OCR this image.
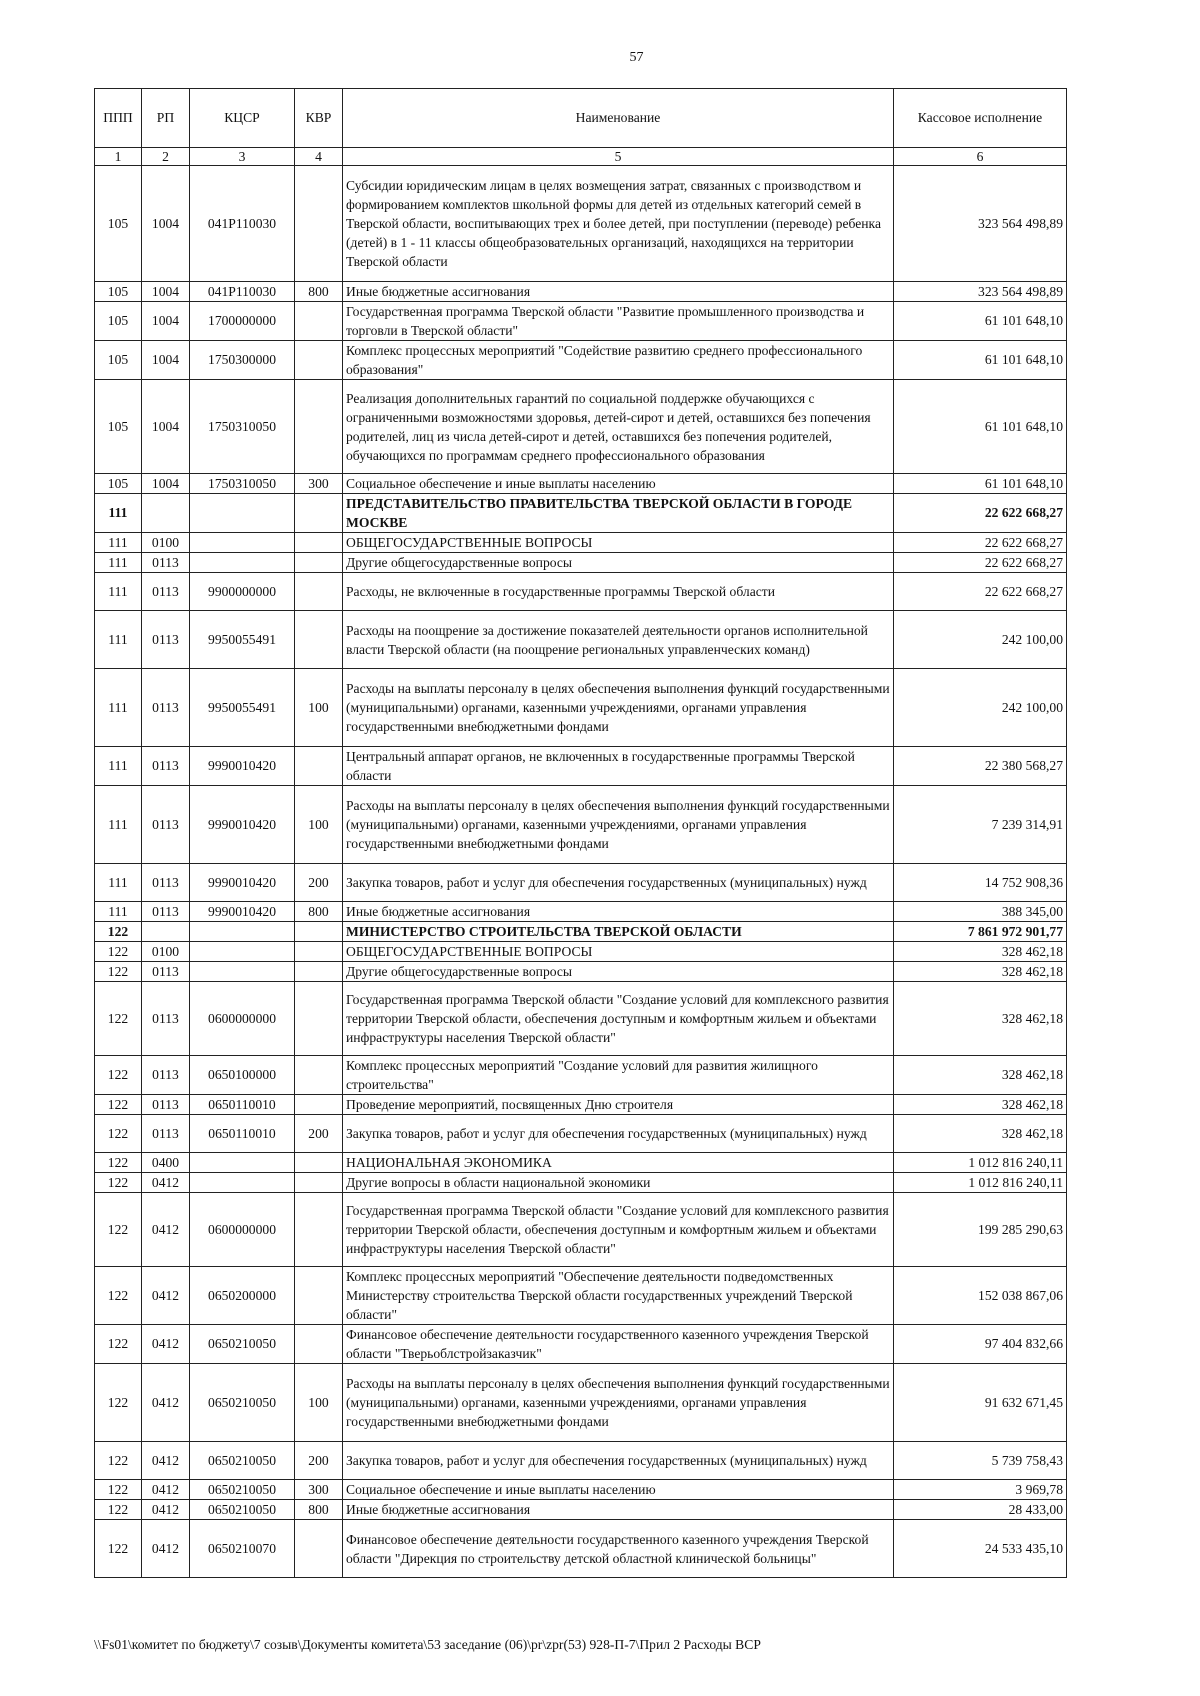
57
ППП	РП	КЦСР	КВР	Наименование	Кассовое исполнение
1	2	3	4	5	6
105	1004	041P110030		Субсидии юридическим лицам в целях возмещения затрат, связанных с производством и формированием комплектов школьной формы для детей из отдельных категорий семей в Тверской области, воспитывающих трех и более детей, при поступлении (переводе) ребенка (детей) в 1 - 11 классы общеобразовательных организаций, находящихся на территории Тверской области	323 564 498,89
105	1004	041P110030	800	Иные бюджетные ассигнования	323 564 498,89
105	1004	1700000000		Государственная программа Тверской области "Развитие промышленного производства и торговли в Тверской области"	61 101 648,10
105	1004	1750300000		Комплекс процессных мероприятий "Содействие развитию среднего профессионального образования"	61 101 648,10
105	1004	1750310050		Реализация дополнительных гарантий по социальной поддержке обучающихся с ограниченными возможностями здоровья, детей-сирот и детей, оставшихся без попечения родителей, лиц из числа детей-сирот и детей, оставшихся без попечения родителей, обучающихся по программам среднего профессионального образования	61 101 648,10
105	1004	1750310050	300	Социальное обеспечение и иные выплаты населению	61 101 648,10
111				ПРЕДСТАВИТЕЛЬСТВО ПРАВИТЕЛЬСТВА ТВЕРСКОЙ ОБЛАСТИ В ГОРОДЕ МОСКВЕ	22 622 668,27
111	0100			ОБЩЕГОСУДАРСТВЕННЫЕ ВОПРОСЫ	22 622 668,27
111	0113			Другие общегосударственные вопросы	22 622 668,27
111	0113	9900000000		Расходы, не включенные в государственные программы Тверской области	22 622 668,27
111	0113	9950055491		Расходы на поощрение за достижение показателей деятельности органов исполнительной власти Тверской области (на поощрение региональных управленческих команд)	242 100,00
111	0113	9950055491	100	Расходы на выплаты персоналу в целях обеспечения выполнения функций государственными (муниципальными) органами, казенными учреждениями, органами управления государственными внебюджетными фондами	242 100,00
111	0113	9990010420		Центральный аппарат органов, не включенных в государственные программы Тверской области	22 380 568,27
111	0113	9990010420	100	Расходы на выплаты персоналу в целях обеспечения выполнения функций государственными (муниципальными) органами, казенными учреждениями, органами управления государственными внебюджетными фондами	7 239 314,91
111	0113	9990010420	200	Закупка товаров, работ и услуг для обеспечения государственных (муниципальных) нужд	14 752 908,36
111	0113	9990010420	800	Иные бюджетные ассигнования	388 345,00
122				МИНИСТЕРСТВО СТРОИТЕЛЬСТВА ТВЕРСКОЙ ОБЛАСТИ	7 861 972 901,77
122	0100			ОБЩЕГОСУДАРСТВЕННЫЕ ВОПРОСЫ	328 462,18
122	0113			Другие общегосударственные вопросы	328 462,18
122	0113	0600000000		Государственная программа Тверской области "Создание условий для комплексного развития территории Тверской области, обеспечения доступным и комфортным жильем и объектами инфраструктуры населения Тверской области"	328 462,18
122	0113	0650100000		Комплекс процессных мероприятий "Создание условий для развития жилищного строительства"	328 462,18
122	0113	0650110010		Проведение мероприятий, посвященных Дню строителя	328 462,18
122	0113	0650110010	200	Закупка товаров, работ и услуг для обеспечения государственных (муниципальных) нужд	328 462,18
122	0400			НАЦИОНАЛЬНАЯ ЭКОНОМИКА	1 012 816 240,11
122	0412			Другие вопросы в области национальной экономики	1 012 816 240,11
122	0412	0600000000		Государственная программа Тверской области "Создание условий для комплексного развития территории Тверской области, обеспечения доступным и комфортным жильем и объектами инфраструктуры населения Тверской области"	199 285 290,63
122	0412	0650200000		Комплекс процессных мероприятий "Обеспечение деятельности подведомственных Министерству строительства Тверской области государственных учреждений Тверской области"	152 038 867,06
122	0412	0650210050		Финансовое обеспечение деятельности государственного казенного учреждения Тверской области "Тверьоблстройзаказчик"	97 404 832,66
122	0412	0650210050	100	Расходы на выплаты персоналу в целях обеспечения выполнения функций государственными (муниципальными) органами, казенными учреждениями, органами управления государственными внебюджетными фондами	91 632 671,45
122	0412	0650210050	200	Закупка товаров, работ и услуг для обеспечения государственных (муниципальных) нужд	5 739 758,43
122	0412	0650210050	300	Социальное обеспечение и иные выплаты населению	3 969,78
122	0412	0650210050	800	Иные бюджетные ассигнования	28 433,00
122	0412	0650210070		Финансовое обеспечение деятельности государственного казенного учреждения Тверской области "Дирекция по строительству детской областной клинической больницы"	24 533 435,10
\\Fs01\комитет по бюджету\7 созыв\Документы комитета\53 заседание (06)\pr\zpr(53) 928-П-7\Прил 2 Расходы ВСР
